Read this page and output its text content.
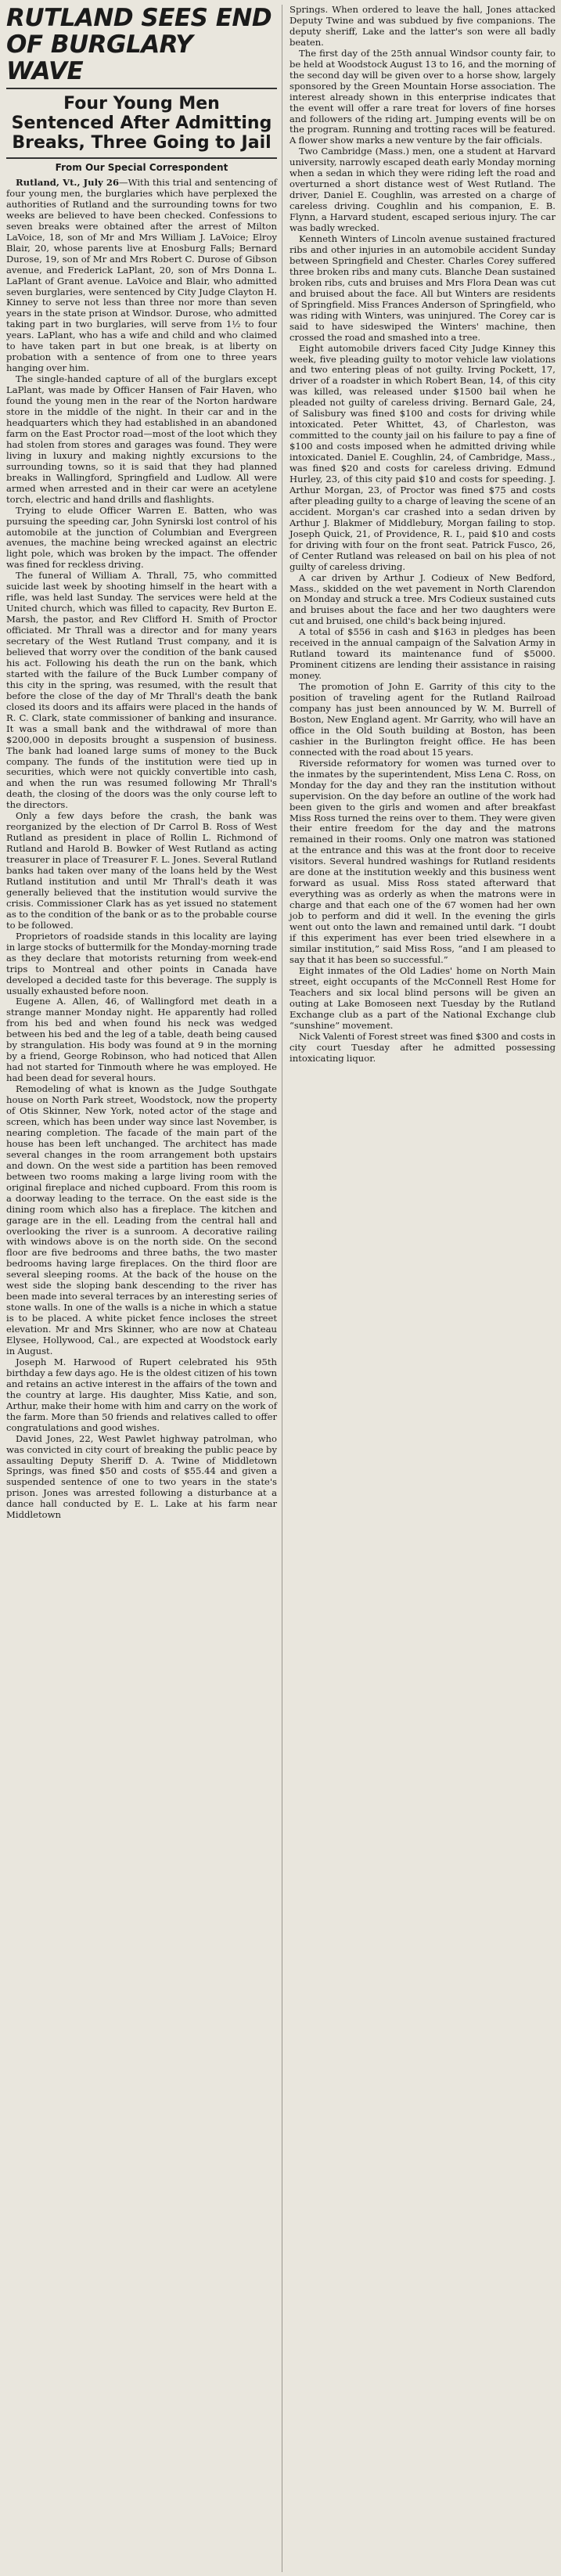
RUTLAND SEES END OF BURGLARY WAVE
Four Young Men Sentenced After Admitting Breaks, Three Going to Jail
From Our Special Correspondent

Rutland, Vt., July 26—With this trial and sentencing of four young men, the burglaries which have perplexed the authorities of Rutland and the surrounding towns for two weeks are believed to have been checked. Confessions to seven breaks were obtained after the arrest of Milton LaVoice, 18, son of Mr and Mrs William J. LaVoice; Elroy Blair, 20, whose parents live at Enosburg Falls; Bernard Durose, 19, son of Mr and Mrs Robert C. Durose of Gibson avenue, and Frederick LaPlant, 20, son of Mrs Donna L. LaPlant of Grant avenue. LaVoice and Blair, who admitted seven burglaries, were sentenced by City Judge Clayton H. Kinney to serve not less than three nor more than seven years in the state prison at Windsor. Durose, who admitted taking part in two burglaries, will serve from 1½ to four years. LaPlant, who has a wife and child and who claimed to have taken part in but one break, is at liberty on probation with a sentence of from one to three years hanging over him.

The single-handed capture of all of the burglars except LaPlant, was made by Officer Hansen of Fair Haven, who found the young men in the rear of the Norton hardware store in the middle of the night. In their car and in the headquarters which they had established in an abandoned farm on the East Proctor road—most of the loot which they had stolen from stores and garages was found. They were living in luxury and making nightly excursions to the surrounding towns, so it is said that they had planned breaks in Wallingford, Springfield and Ludlow. All were armed when arrested and in their car were an acetylene torch, electric and hand drills and flashlights.

Trying to elude Officer Warren E. Batten, who was pursuing the speeding car, John Synirski lost control of his automobile at the junction of Columbian and Evergreen avenues, the machine being wrecked against an electric light pole, which was broken by the impact. The offender was fined for reckless driving.

The funeral of William A. Thrall, 75, who committed suicide last week by shooting himself in the heart with a rifle, was held last Sunday. The services were held at the United church, which was filled to capacity, Rev Burton E. Marsh, the pastor, and Rev Clifford H. Smith of Proctor officiated. Mr Thrall was a director and for many years secretary of the West Rutland Trust company, and it is believed that worry over the condition of the bank caused his act. Following his death the run on the bank, which started with the failure of the Buck Lumber company of this city in the spring, was resumed, with the result that before the close of the day of Mr Thrall's death the bank closed its doors and its affairs were placed in the hands of R. C. Clark, state commissioner of banking and insurance. It was a small bank and the withdrawal of more than $200,000 in deposits brought a suspension of business. The bank had loaned large sums of money to the Buck company. The funds of the institution were tied up in securities, which were not quickly convertible into cash, and when the run was resumed following Mr Thrall's death, the closing of the doors was the only course left to the directors.

Only a few days before the crash, the bank was reorganized by the election of Dr Carrol B. Ross of West Rutland as president in place of Rollin L. Richmond of Rutland and Harold B. Bowker of West Rutland as acting treasurer in place of Treasurer F. L. Jones. Several Rutland banks had taken over many of the loans held by the West Rutland institution and until Mr Thrall's death it was generally believed that the institution would survive the crisis. Commissioner Clark has as yet issued no statement as to the condition of the bank or as to the probable course to be followed.

Proprietors of roadside stands in this locality are laying in large stocks of buttermilk for the Monday-morning trade as they declare that motorists returning from week-end trips to Montreal and other points in Canada have developed a decided taste for this beverage. The supply is usually exhausted before noon.

Eugene A. Allen, 46, of Wallingford met death in a strange manner Monday night. He apparently had rolled from his bed and when found his neck was wedged between his bed and the leg of a table, death being caused by strangulation. His body was found at 9 in the morning by a friend, George Robinson, who had noticed that Allen had not started for Tinmouth where he was employed. He had been dead for several hours.

Remodeling of what is known as the Judge Southgate house on North Park street, Woodstock, now the property of Otis Skinner, New York, noted actor of the stage and screen, which has been under way since last November, is nearing completion. The facade of the main part of the house has been left unchanged. The architect has made several changes in the room arrangement both upstairs and down. On the west side a partition has been removed between two rooms making a large living room with the original fireplace and niched cupboard. From this room is a doorway leading to the terrace. On the east side is the dining room which also has a fireplace. The kitchen and garage are in the ell. Leading from the central hall and overlooking the river is a sunroom. A decorative railing with windows above is on the north side. On the second floor are five bedrooms and three baths, the two master bedrooms having large fireplaces. On the third floor are several sleeping rooms. At the back of the house on the west side the sloping bank descending to the river has been made into several terraces by an interesting series of stone walls. In one of the walls is a niche in which a statue is to be placed. A white picket fence incloses the street elevation. Mr and Mrs Skinner, who are now at Chateau Elysee, Hollywood, Cal., are expected at Woodstock early in August.

Joseph M. Harwood of Rupert celebrated his 95th birthday a few days ago. He is the oldest citizen of his town and retains an active interest in the affairs of the town and the country at large. His daughter, Miss Katie, and son, Arthur, make their home with him and carry on the work of the farm. More than 50 friends and relatives called to offer congratulations and good wishes.

David Jones, 22, West Pawlet highway patrolman, who was convicted in city court of breaking the public peace by assaulting Deputy Sheriff D. A. Twine of Middletown Springs, was fined $50 and costs of $55.44 and given a suspended sentence of one to two years in the state's prison. Jones was arrested following a disturbance at a dance hall conducted by E. L. Lake at his farm near Middletown

Springs. When ordered to leave the hall, Jones attacked Deputy Twine and was subdued by five companions. The deputy sheriff, Lake and the latter's son were all badly beaten.

The first day of the 25th annual Windsor county fair, to be held at Woodstock August 13 to 16, and the morning of the second day will be given over to a horse show, largely sponsored by the Green Mountain Horse association. The interest already shown in this enterprise indicates that the event will offer a rare treat for lovers of fine horses and followers of the riding art. Jumping events will be on the program. Running and trotting races will be featured. A flower show marks a new venture by the fair officials.

Two Cambridge (Mass.) men, one a student at Harvard university, narrowly escaped death early Monday morning when a sedan in which they were riding left the road and overturned a short distance west of West Rutland. The driver, Daniel E. Coughlin, was arrested on a charge of careless driving. Coughlin and his companion, E. B. Flynn, a Harvard student, escaped serious injury. The car was badly wrecked.

Kenneth Winters of Lincoln avenue sustained fractured ribs and other injuries in an automobile accident Sunday between Springfield and Chester. Charles Corey suffered three broken ribs and many cuts. Blanche Dean sustained broken ribs, cuts and bruises and Mrs Flora Dean was cut and bruised about the face. All but Winters are residents of Springfield. Miss Frances Anderson of Springfield, who was riding with Winters, was uninjured. The Corey car is said to have sideswiped the Winters' machine, then crossed the road and smashed into a tree.

Eight automobile drivers faced City Judge Kinney this week, five pleading guilty to motor vehicle law violations and two entering pleas of not guilty. Irving Pockett, 17, driver of a roadster in which Robert Bean, 14, of this city was killed, was released under $1500 bail when he pleaded not guilty of careless driving. Bernard Gale, 24, of Salisbury was fined $100 and costs for driving while intoxicated. Peter Whittet, 43, of Charleston, was committed to the county jail on his failure to pay a fine of $100 and costs imposed when he admitted driving while intoxicated. Daniel E. Coughlin, 24, of Cambridge, Mass., was fined $20 and costs for careless driving. Edmund Hurley, 23, of this city paid $10 and costs for speeding. J. Arthur Morgan, 23, of Proctor was fined $75 and costs after pleading guilty to a charge of leaving the scene of an accident. Morgan's car crashed into a sedan driven by Arthur J. Blakmer of Middlebury, Morgan failing to stop. Joseph Quick, 21, of Providence, R. I., paid $10 and costs for driving with four on the front seat. Patrick Fusco, 26, of Center Rutland was released on bail on his plea of not guilty of careless driving.

A car driven by Arthur J. Codieux of New Bedford, Mass., skidded on the wet pavement in North Clarendon on Monday and struck a tree. Mrs Codieux sustained cuts and bruises about the face and her two daughters were cut and bruised, one child's back being injured.

A total of $556 in cash and $163 in pledges has been received in the annual campaign of the Salvation Army in Rutland toward its maintenance fund of $5000. Prominent citizens are lending their assistance in raising money.

The promotion of John E. Garrity of this city to the position of traveling agent for the Rutland Railroad company has just been announced by W. M. Burrell of Boston, New England agent. Mr Garrity, who will have an office in the Old South building at Boston, has been cashier in the Burlington freight office. He has been connected with the road about 15 years.

Riverside reformatory for women was turned over to the inmates by the superintendent, Miss Lena C. Ross, on Monday for the day and they ran the institution without supervision. On the day before an outline of the work had been given to the girls and women and after breakfast Miss Ross turned the reins over to them. They were given their entire freedom for the day and the matrons remained in their rooms. Only one matron was stationed at the entrance and this was at the front door to receive visitors. Several hundred washings for Rutland residents are done at the institution weekly and this business went forward as usual. Miss Ross stated afterward that everything was as orderly as when the matrons were in charge and that each one of the 67 women had her own job to perform and did it well. In the evening the girls went out onto the lawn and remained until dark. “I doubt if this experiment has ever been tried elsewhere in a similar institution,” said Miss Ross, “and I am pleased to say that it has been so successful.”

Eight inmates of the Old Ladies' home on North Main street, eight occupants of the McConnell Rest Home for Teachers and six local blind persons will be given an outing at Lake Bomoseen next Tuesday by the Rutland Exchange club as a part of the National Exchange club “sunshine” movement.

Nick Valenti of Forest street was fined $300 and costs in city court Tuesday after he admitted possessing intoxicating liquor.
